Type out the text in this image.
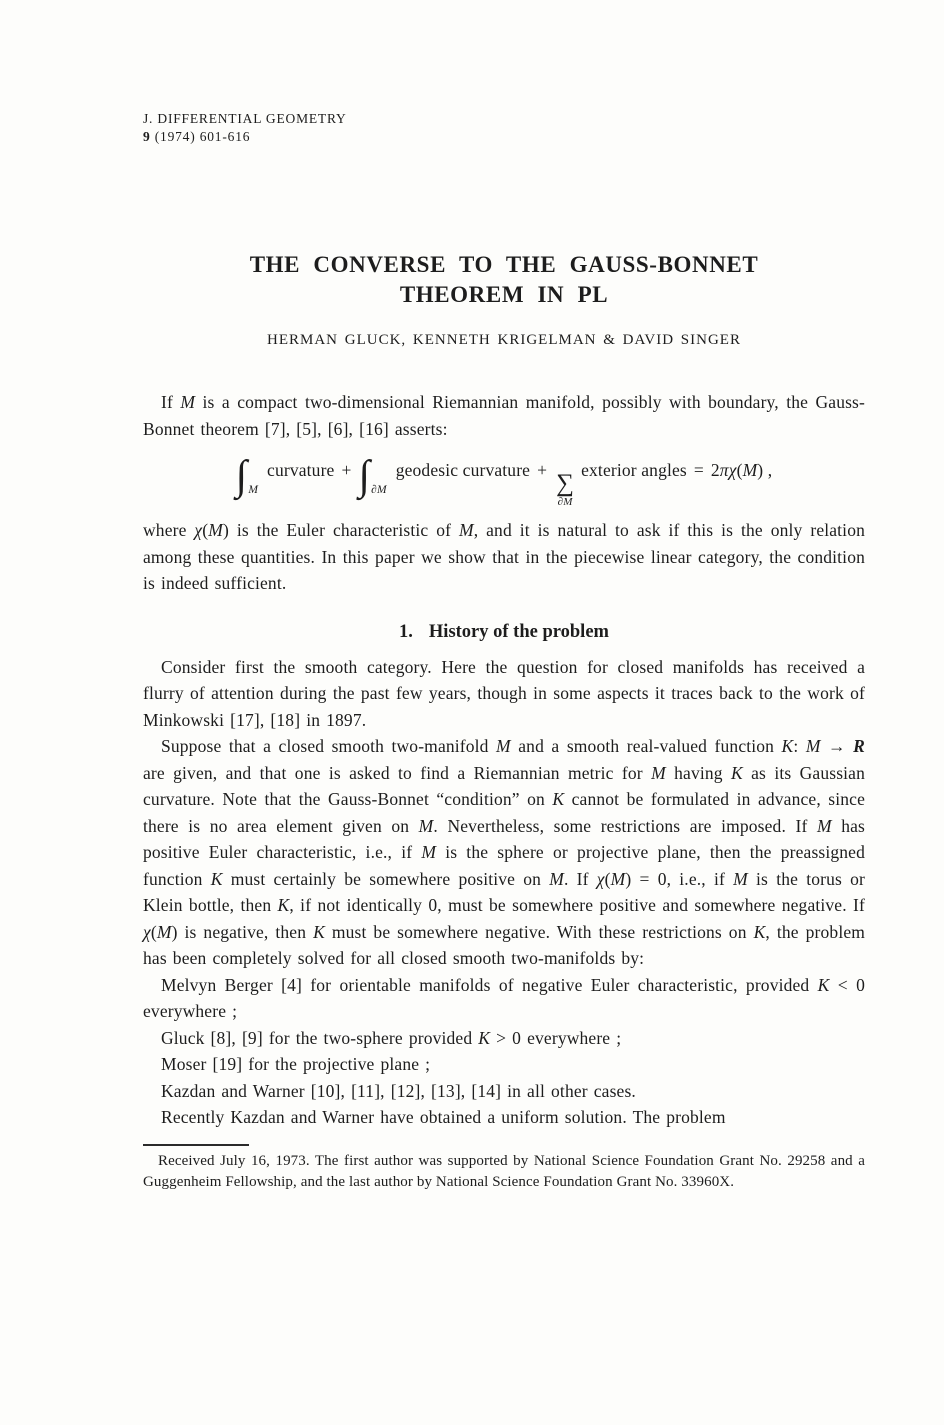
J. DIFFERENTIAL GEOMETRY
9 (1974) 601-616
THE CONVERSE TO THE GAUSS-BONNET
THEOREM IN PL
HERMAN GLUCK, KENNETH KRIGELMAN & DAVID SINGER

If M is a compact two-dimensional Riemannian manifold, possibly with boundary, the Gauss-Bonnet theorem [7], [5], [6], [16] asserts:

∫Mcurvature + ∫∂Mgeodesic curvature + ∑
∂M
exterior angles = 2πχ(M) ,

where χ(M) is the Euler characteristic of M, and it is natural to ask if this is the only relation among these quantities. In this paper we show that in the piecewise linear category, the condition is indeed sufficient.

1. History of the problem

Consider first the smooth category. Here the question for closed manifolds has received a flurry of attention during the past few years, though in some aspects it traces back to the work of Minkowski [17], [18] in 1897.

Suppose that a closed smooth two-manifold M and a smooth real-valued function K: M → R are given, and that one is asked to find a Riemannian metric for M having K as its Gaussian curvature. Note that the Gauss-Bonnet “condition” on K cannot be formulated in advance, since there is no area element given on M. Nevertheless, some restrictions are imposed. If M has positive Euler characteristic, i.e., if M is the sphere or projective plane, then the preassigned function K must certainly be somewhere positive on M. If χ(M) = 0, i.e., if M is the torus or Klein bottle, then K, if not identically 0, must be somewhere positive and somewhere negative. If χ(M) is negative, then K must be somewhere negative. With these restrictions on K, the problem has been completely solved for all closed smooth two-manifolds by:

Melvyn Berger [4] for orientable manifolds of negative Euler characteristic, provided K < 0 everywhere ;

Gluck [8], [9] for the two-sphere provided K > 0 everywhere ;

Moser [19] for the projective plane ;

Kazdan and Warner [10], [11], [12], [13], [14] in all other cases.

Recently Kazdan and Warner have obtained a uniform solution. The problem

Received July 16, 1973. The first author was supported by National Science Foundation Grant No. 29258 and a Guggenheim Fellowship, and the last author by National Science Foundation Grant No. 33960X.
